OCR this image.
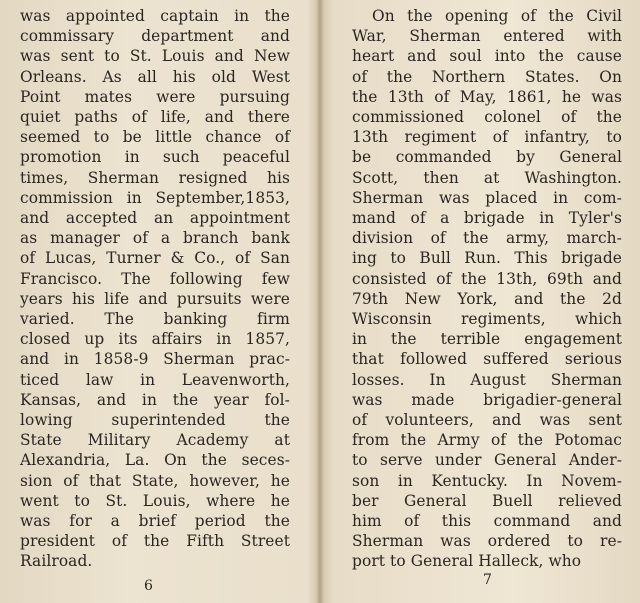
was appointed captain in the
commissary department and
was sent to St. Louis and New
Orleans. As all his old West
Point mates were pursuing
quiet paths of life, and there
seemed to be little chance of
promotion in such peaceful
times, Sherman resigned his
commission in September,1853,
and accepted an appointment
as manager of a branch bank
of Lucas, Turner & Co., of San
Francisco. The following few
years his life and pursuits were
varied. The banking firm
closed up its affairs in 1857,
and in 1858-9 Sherman prac-
ticed law in Leavenworth,
Kansas, and in the year fol-
lowing superintended the
State Military Academy at
Alexandria, La. On the seces-
sion of that State, however, he
went to St. Louis, where he
was for a brief period the
president of the Fifth Street
Railroad.
6
On the opening of the Civil
War, Sherman entered with
heart and soul into the cause
of the Northern States. On
the 13th of May, 1861, he was
commissioned colonel of the
13th regiment of infantry, to
be commanded by General
Scott, then at Washington.
Sherman was placed in com-
mand of a brigade in Tyler's
division of the army, march-
ing to Bull Run. This brigade
consisted of the 13th, 69th and
79th New York, and the 2d
Wisconsin regiments, which
in the terrible engagement
that followed suffered serious
losses. In August Sherman
was made brigadier-general
of volunteers, and was sent
from the Army of the Potomac
to serve under General Ander-
son in Kentucky. In Novem-
ber General Buell relieved
him of this command and
Sherman was ordered to re-
port to General Halleck, who
7
